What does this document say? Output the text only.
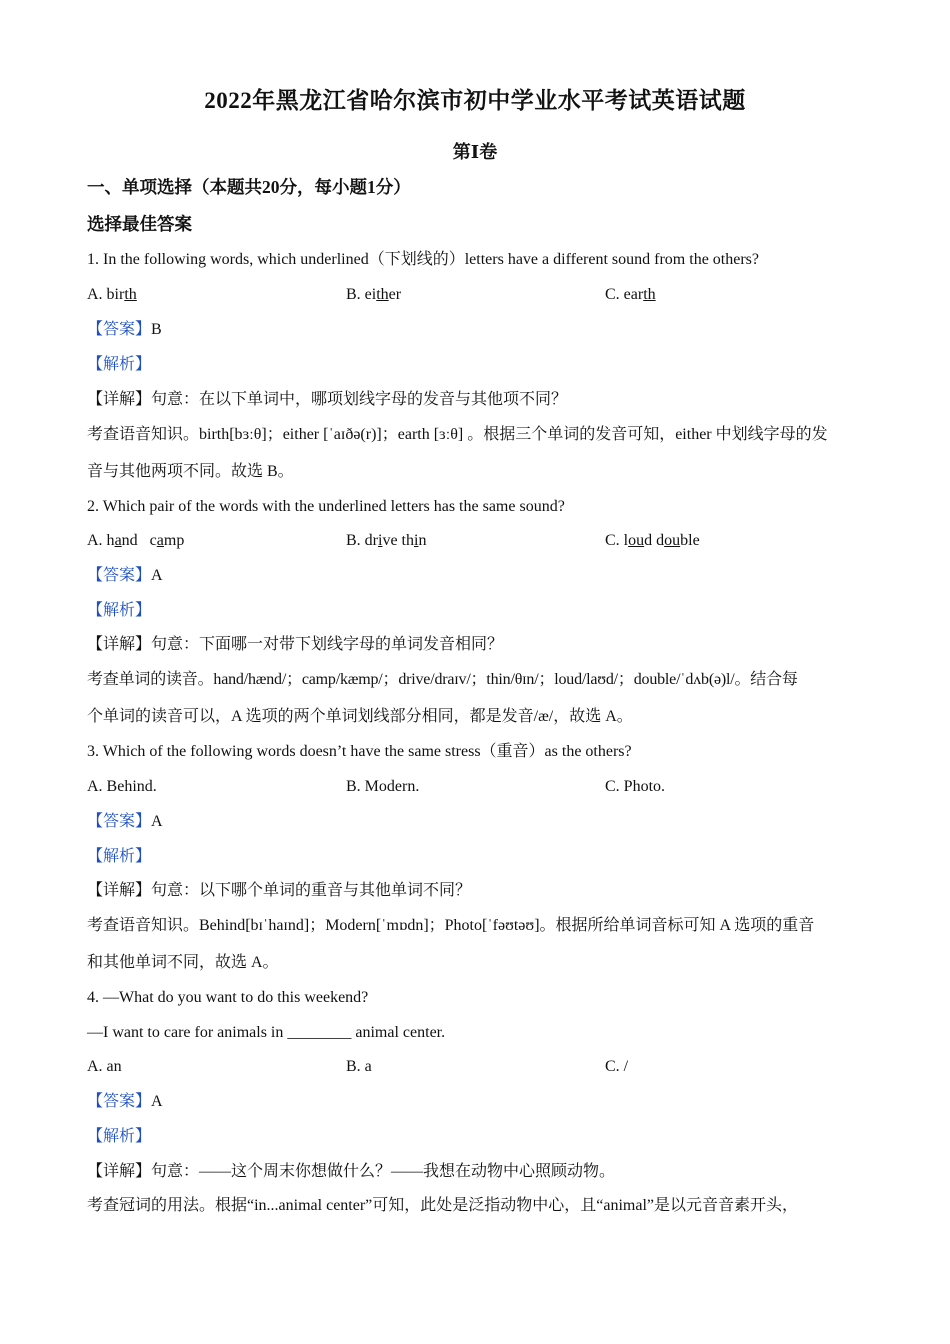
2022年黑龙江省哈尔滨市初中学业水平考试英语试题
第Ⅰ卷
一、单项选择（本题共20分，每小题1分）
选择最佳答案
1. In the following words, which underlined（下划线的）letters have a different sound from the others?
A. birth	B. either	C. earth
【答案】B
【解析】
【详解】句意：在以下单词中，哪项划线字母的发音与其他项不同？
考查语音知识。birth[bɜːθ]；either [ˈaɪðə(r)]；earth [ɜːθ] 。根据三个单词的发音可知，either 中划线字母的发
音与其他两项不同。故选 B。
2. Which pair of the words with the underlined letters has the same sound?
A. hand   camp	B. drive thin	C. loud double
【答案】A
【解析】
【详解】句意：下面哪一对带下划线字母的单词发音相同？
考查单词的读音。hand/hænd/；camp/kæmp/；drive/draɪv/；thin/θɪn/；loud/laʊd/；double/ˈdʌb(ə)l/。结合每
个单词的读音可以，A 选项的两个单词划线部分相同，都是发音/æ/，故选 A。
3. Which of the following words doesn’t have the same stress（重音）as the others?
A. Behind.	B. Modern.	C. Photo.
【答案】A
【解析】
【详解】句意：以下哪个单词的重音与其他单词不同？
考查语音知识。Behind[bɪˈhaɪnd]；Modern[ˈmɒdn]；Photo[ˈfəʊtəʊ]。根据所给单词音标可知 A 选项的重音
和其他单词不同，故选 A。
4. —What do you want to do this weekend?
—I want to care for animals in ________ animal center.
A. an	B. a	C. /
【答案】A
【解析】
【详解】句意：——这个周末你想做什么？——我想在动物中心照顾动物。
考查冠词的用法。根据“in...animal center”可知，此处是泛指动物中心，且“animal”是以元音音素开头，
